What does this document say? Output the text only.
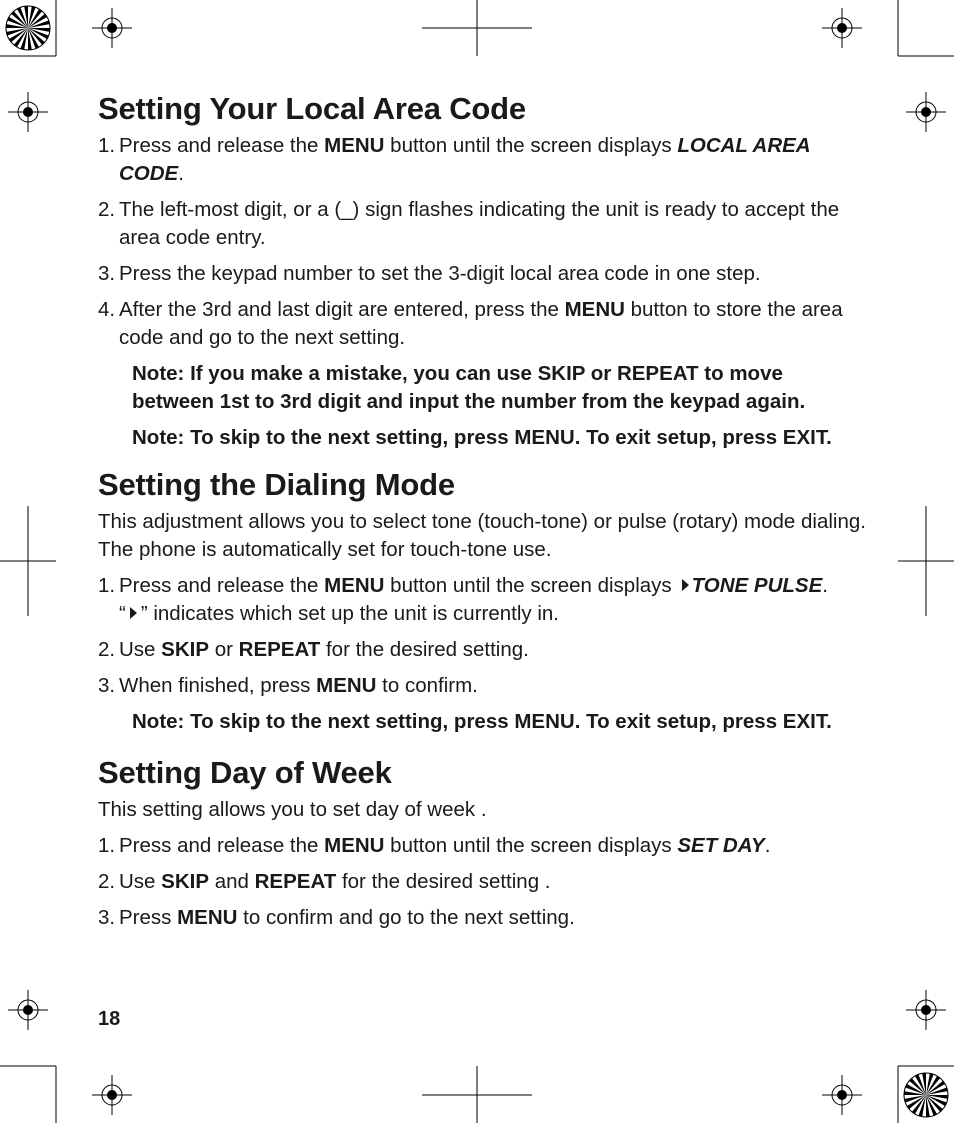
Setting Your Local Area Code
1. Press and release the MENU button until the screen displays LOCAL AREA CODE.
2. The left-most digit, or a (_) sign flashes indicating the unit is ready to accept the area code entry.
3. Press the keypad number to set the 3-digit local area code in one step.
4. After the 3rd and last digit are entered, press the MENU button to store the area code and go to the next setting.
Note: If you make a mistake, you can use SKIP or REPEAT to move between 1st to 3rd digit and input the number from the keypad again.
Note: To skip to the next setting, press MENU. To exit setup, press EXIT.
Setting the Dialing Mode
This adjustment allows you to select tone (touch-tone) or pulse (rotary) mode dialing. The phone is automatically set for touch-tone use.
1. Press and release the MENU button until the screen displays TONE PULSE.
“ ” indicates which set up the unit is currently in.
2. Use SKIP or REPEAT for the desired setting.
3. When finished, press MENU to confirm.
Note: To skip to the next setting, press MENU. To exit setup, press EXIT.
Setting Day of Week
This setting allows you to set day of week .
1. Press and release the MENU button until the screen displays SET DAY.
2. Use SKIP and REPEAT for the desired setting .
3. Press MENU to confirm and go to the next setting.
18
